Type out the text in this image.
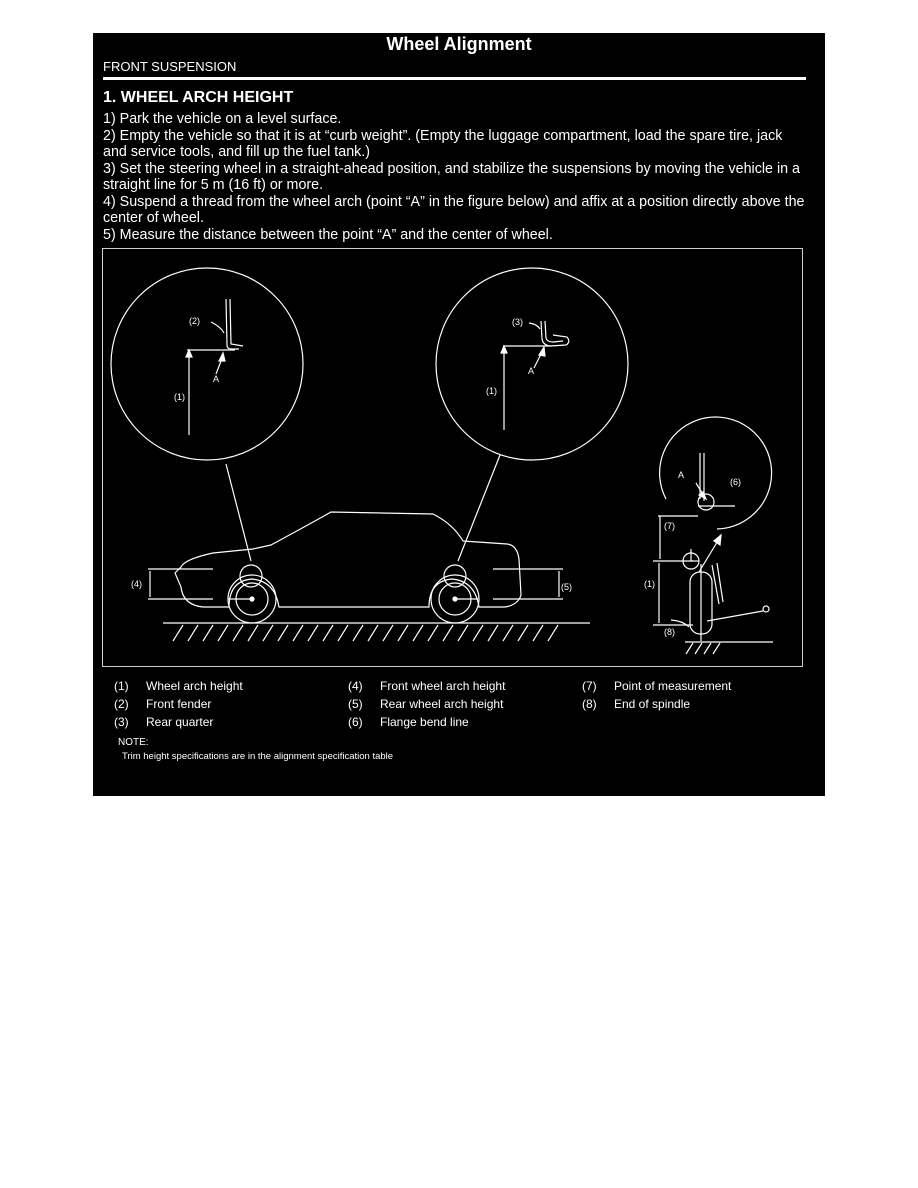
Wheel Alignment
FRONT SUSPENSION
1. WHEEL ARCH HEIGHT
1) Park the vehicle on a level surface.
2) Empty the vehicle so that it is at “curb weight”. (Empty the luggage compartment, load the spare tire, jack and service tools, and fill up the fuel tank.)
3) Set the steering wheel in a straight-ahead position, and stabilize the suspensions by moving the vehicle in a straight line for 5 m (16 ft) or more.
4) Suspend a thread from the wheel arch (point “A” in the figure below) and affix at a position directly above the center of wheel.
5) Measure the distance between the point “A” and the center of wheel.
(2)
A
(1)
(3)
A
(1)
(4)	(5)
A
(6)
(7)
(1)
(8)
(1) Wheel arch height
(2) Front fender
(3) Rear quarter
(4) Front wheel arch height
(5) Rear wheel arch height
(6) Flange bend line
(7) Point of measurement
(8) End of spindle
NOTE:
Trim height specifications are in the alignment specification table
